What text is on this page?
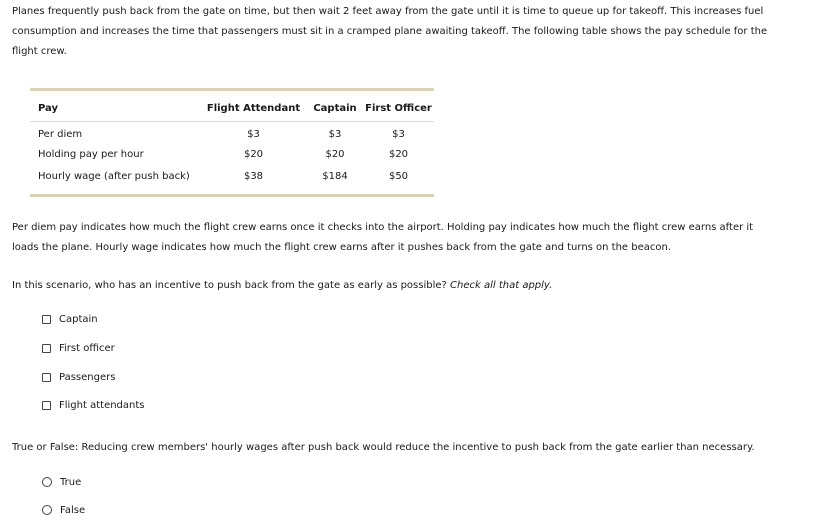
Planes frequently push back from the gate on time, but then wait 2 feet away from the gate until it is time to queue up for takeoff. This increases fuel consumption and increases the time that passengers must sit in a cramped plane awaiting takeoff. The following table shows the pay schedule for the flight crew.

Pay	Flight Attendant	Captain	First Officer
Per diem	$3	$3	$3
Holding pay per hour	$20	$20	$20
Hourly wage (after push back)	$38	$184	$50

Per diem pay indicates how much the flight crew earns once it checks into the airport. Holding pay indicates how much the flight crew earns after it loads the plane. Hourly wage indicates how much the flight crew earns after it pushes back from the gate and turns on the beacon.

In this scenario, who has an incentive to push back from the gate as early as possible? Check all that apply.

Captain
First officer
Passengers
Flight attendants

True or False: Reducing crew members' hourly wages after push back would reduce the incentive to push back from the gate earlier than necessary.

True
False
